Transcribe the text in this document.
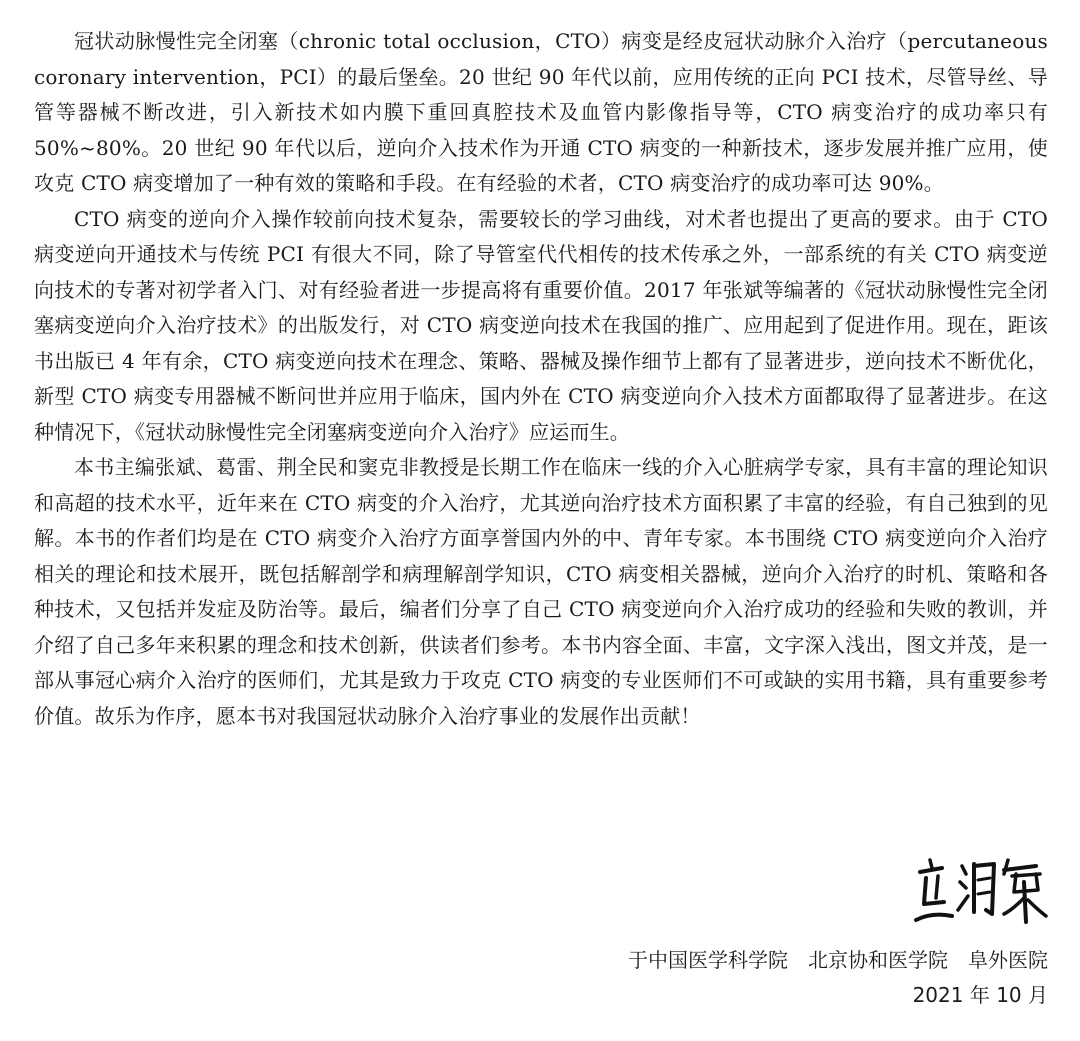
冠状动脉慢性完全闭塞（chronic total occlusion，CTO）病变是经皮冠状动脉介入治疗（percutaneous coronary intervention，PCI）的最后堡垒。20 世纪 90 年代以前，应用传统的正向 PCI 技术，尽管导丝、导管等器械不断改进，引入新技术如内膜下重回真腔技术及血管内影像指导等，CTO 病变治疗的成功率只有 50%~80%。20 世纪 90 年代以后，逆向介入技术作为开通 CTO 病变的一种新技术，逐步发展并推广应用，使攻克 CTO 病变增加了一种有效的策略和手段。在有经验的术者，CTO 病变治疗的成功率可达 90%。

CTO 病变的逆向介入操作较前向技术复杂，需要较长的学习曲线，对术者也提出了更高的要求。由于 CTO 病变逆向开通技术与传统 PCI 有很大不同，除了导管室代代相传的技术传承之外，一部系统的有关 CTO 病变逆向技术的专著对初学者入门、对有经验者进一步提高将有重要价值。2017 年张斌等编著的《冠状动脉慢性完全闭塞病变逆向介入治疗技术》的出版发行，对 CTO 病变逆向技术在我国的推广、应用起到了促进作用。现在，距该书出版已 4 年有余，CTO 病变逆向技术在理念、策略、器械及操作细节上都有了显著进步，逆向技术不断优化，新型 CTO 病变专用器械不断问世并应用于临床，国内外在 CTO 病变逆向介入技术方面都取得了显著进步。在这种情况下，《冠状动脉慢性完全闭塞病变逆向介入治疗》应运而生。

本书主编张斌、葛雷、荆全民和窦克非教授是长期工作在临床一线的介入心脏病学专家，具有丰富的理论知识和高超的技术水平，近年来在 CTO 病变的介入治疗，尤其逆向治疗技术方面积累了丰富的经验，有自己独到的见解。本书的作者们均是在 CTO 病变介入治疗方面享誉国内外的中、青年专家。本书围绕 CTO 病变逆向介入治疗相关的理论和技术展开，既包括解剖学和病理解剖学知识，CTO 病变相关器械，逆向介入治疗的时机、策略和各种技术，又包括并发症及防治等。最后，编者们分享了自己 CTO 病变逆向介入治疗成功的经验和失败的教训，并介绍了自己多年来积累的理念和技术创新，供读者们参考。本书内容全面、丰富，文字深入浅出，图文并茂，是一部从事冠心病介入治疗的医师们，尤其是致力于攻克 CTO 病变的专业医师们不可或缺的实用书籍，具有重要参考价值。故乐为作序，愿本书对我国冠状动脉介入治疗事业的发展作出贡献！

于中国医学科学院　北京协和医学院　阜外医院
2021 年 10 月
